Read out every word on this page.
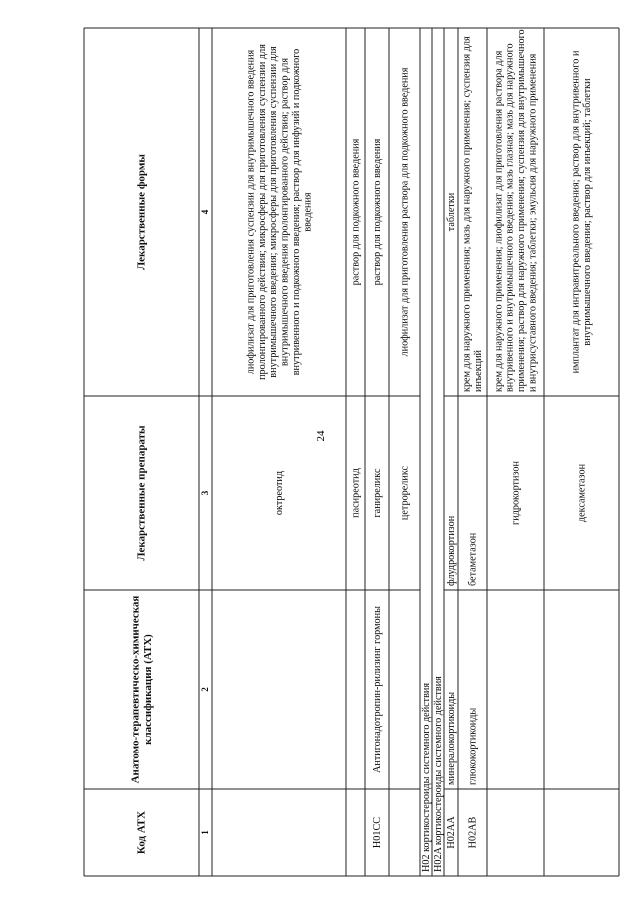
24
Код АТХ
Анатомо-терапевтическо-химическаяклассификация (АТХ)
Лекарственные препараты
Лекарственные формы
1
2
3
4
октреотид
лиофилизат для приготовления суспензии для внутримышечного введенияпролонгированного действия; микросферы для приготовления суспензии длявнутримышечного введения; микросферы для приготовления суспензии длявнутримышечного введения пролонгированного действия; раствор длявнутривенного и подкожного введения; раствор для инфузий и подкожноговведения
пасиреотид
раствор для подкожного введения
H01CC
Антигонадотропин-рилизинг гормоны
ганиреликс
раствор для подкожного введения
цетрореликс
лиофилизат для приготовления раствора для подкожного введения
H02 кортикостероиды системного действия H02A кортикостероиды системного действия H02AA
минералокортикоиды
флудрокортизон
таблетки
H02AB
глюкокортикоиды
бетаметазон
крем для наружного применения; мазь для наружного применения; суспензия дляинъекций
гидрокортизон
крем для наружного применения; лиофилизат для приготовления раствора длявнутривенного и внутримышечного введения; мазь глазная; мазь для наружногоприменения; раствор для наружного применения; суспензия для внутримышечногои внутрисуставного введения; таблетки; эмульсия для наружного применения
дексаметазон
имплантат для интравитреального введения; раствор для внутривенного ивнутримышечного введения; раствор для инъекций; таблетки
